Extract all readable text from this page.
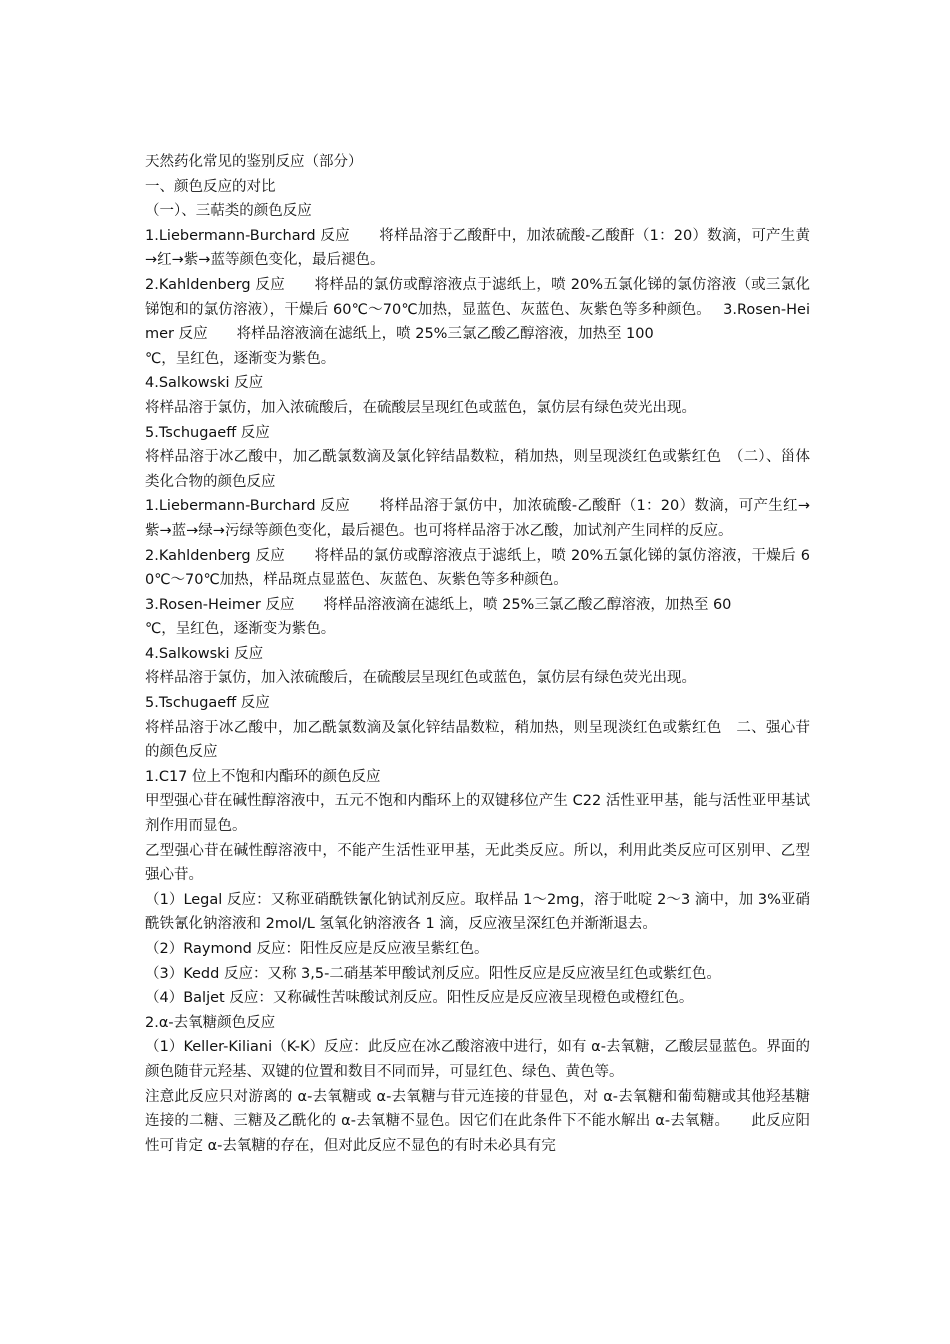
天然药化常见的鉴别反应（部分）

一、颜色反应的对比

（一）、三萜类的颜色反应

1.Liebermann-Burchard 反应　　将样品溶于乙酸酐中，加浓硫酸-乙酸酐（1：20）数滴，可产生黄→红→紫→蓝等颜色变化，最后褪色。

2.Kahldenberg 反应　　将样品的氯仿或醇溶液点于滤纸上，喷 20%五氯化锑的氯仿溶液（或三氯化锑饱和的氯仿溶液），干燥后 60℃～70℃加热，显蓝色、灰蓝色、灰紫色等多种颜色。　 3.Rosen-Heimer 反应　　将样品溶液滴在滤纸上，喷 25%三氯乙酸乙醇溶液，加热至 100

℃，呈红色，逐渐变为紫色。

4.Salkowski 反应

将样品溶于氯仿，加入浓硫酸后，在硫酸层呈现红色或蓝色，氯仿层有绿色荧光出现。

5.Tschugaeff 反应

将样品溶于冰乙酸中，加乙酰氯数滴及氯化锌结晶数粒，稍加热，则呈现淡红色或紫红色　（二）、甾体类化合物的颜色反应

1.Liebermann-Burchard 反应　　将样品溶于氯仿中，加浓硫酸-乙酸酐（1：20）数滴，可产生红→紫→蓝→绿→污绿等颜色变化，最后褪色。也可将样品溶于冰乙酸，加试剂产生同样的反应。

2.Kahldenberg 反应　　将样品的氯仿或醇溶液点于滤纸上，喷 20%五氯化锑的氯仿溶液，干燥后 60℃～70℃加热，样品斑点显蓝色、灰蓝色、灰紫色等多种颜色。

3.Rosen-Heimer 反应　　将样品溶液滴在滤纸上，喷 25%三氯乙酸乙醇溶液，加热至 60

℃，呈红色，逐渐变为紫色。

4.Salkowski 反应

将样品溶于氯仿，加入浓硫酸后，在硫酸层呈现红色或蓝色，氯仿层有绿色荧光出现。

5.Tschugaeff 反应

将样品溶于冰乙酸中，加乙酰氯数滴及氯化锌结晶数粒，稍加热，则呈现淡红色或紫红色　二、强心苷的颜色反应

1.C17 位上不饱和内酯环的颜色反应

甲型强心苷在碱性醇溶液中，五元不饱和内酯环上的双键移位产生 C22 活性亚甲基，能与活性亚甲基试剂作用而显色。

乙型强心苷在碱性醇溶液中，不能产生活性亚甲基，无此类反应。所以，利用此类反应可区别甲、乙型强心苷。

（1）Legal 反应：又称亚硝酰铁氰化钠试剂反应。取样品 1～2mg，溶于吡啶 2～3 滴中，加 3%亚硝酰铁氰化钠溶液和 2mol/L 氢氧化钠溶液各 1 滴，反应液呈深红色并渐渐退去。

（2）Raymond 反应：阳性反应是反应液呈紫红色。

（3）Kedd 反应：又称 3,5-二硝基苯甲酸试剂反应。阳性反应是反应液呈红色或紫红色。

（4）Baljet 反应：又称碱性苦味酸试剂反应。阳性反应是反应液呈现橙色或橙红色。

2.α-去氧糖颜色反应

（1）Keller-Kiliani（K-K）反应：此反应在冰乙酸溶液中进行，如有 α-去氧糖，乙酸层显蓝色。界面的颜色随苷元羟基、双键的位置和数目不同而异，可显红色、绿色、黄色等。

注意此反应只对游离的 α-去氧糖或 α-去氧糖与苷元连接的苷显色，对 α-去氧糖和葡萄糖或其他羟基糖连接的二糖、三糖及乙酰化的 α-去氧糖不显色。因它们在此条件下不能水解出 α-去氧糖。　　此反应阳性可肯定 α-去氧糖的存在，但对此反应不显色的有时未必具有完
